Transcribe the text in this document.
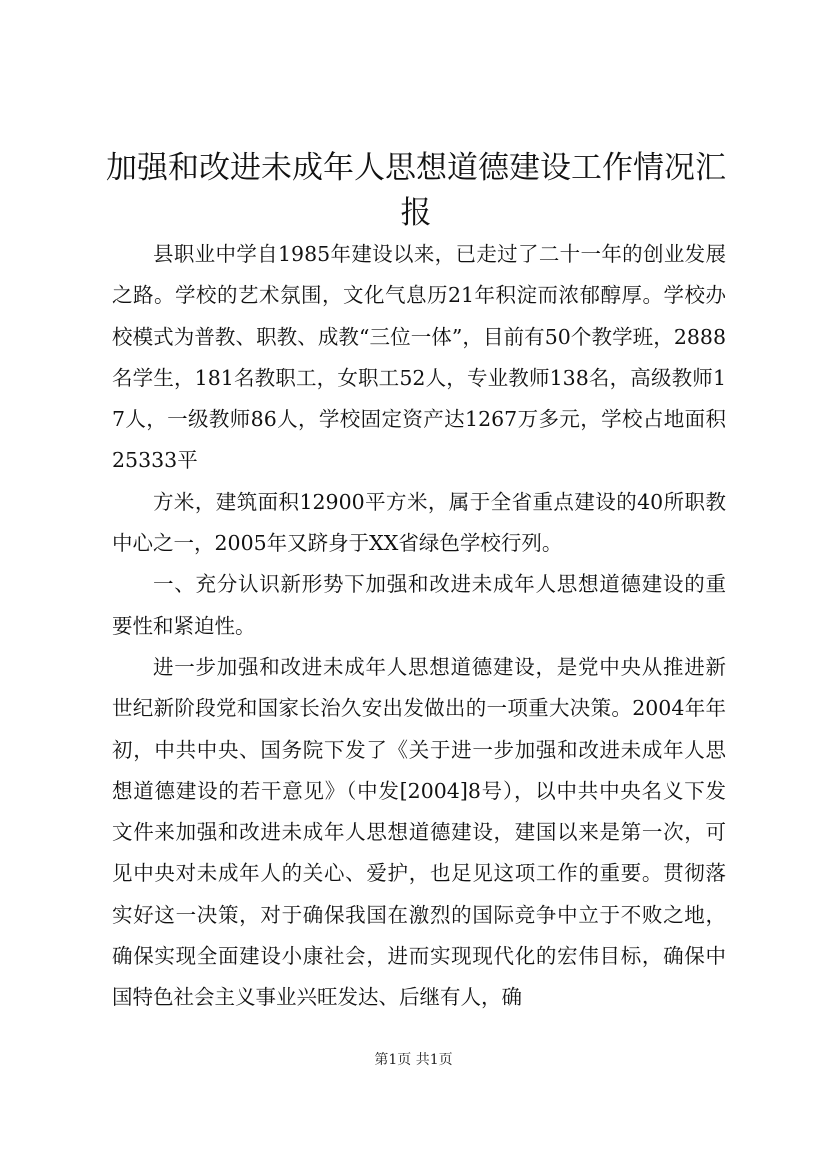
加强和改进未成年人思想道德建设工作情况汇报

县职业中学自1985年建设以来，已走过了二十一年的创业发展之路。学校的艺术氛围，文化气息历21年积淀而浓郁醇厚。学校办校模式为普教、职教、成教“三位一体”，目前有50个教学班，2888名学生，181名教职工，女职工52人，专业教师138名，高级教师17人，一级教师86人，学校固定资产达1267万多元，学校占地面积25333平

方米，建筑面积12900平方米，属于全省重点建设的40所职教中心之一，2005年又跻身于XX省绿色学校行列。

一、充分认识新形势下加强和改进未成年人思想道德建设的重要性和紧迫性。

进一步加强和改进未成年人思想道德建设，是党中央从推进新世纪新阶段党和国家长治久安出发做出的一项重大决策。2004年年初，中共中央、国务院下发了《关于进一步加强和改进未成年人思想道德建设的若干意见》（中发[2004]8号），以中共中央名义下发文件来加强和改进未成年人思想道德建设，建国以来是第一次，可见中央对未成年人的关心、爱护，也足见这项工作的重要。贯彻落实好这一决策，对于确保我国在激烈的国际竞争中立于不败之地，确保实现全面建设小康社会，进而实现现代化的宏伟目标，确保中国特色社会主义事业兴旺发达、后继有人，确

第1页 共1页
